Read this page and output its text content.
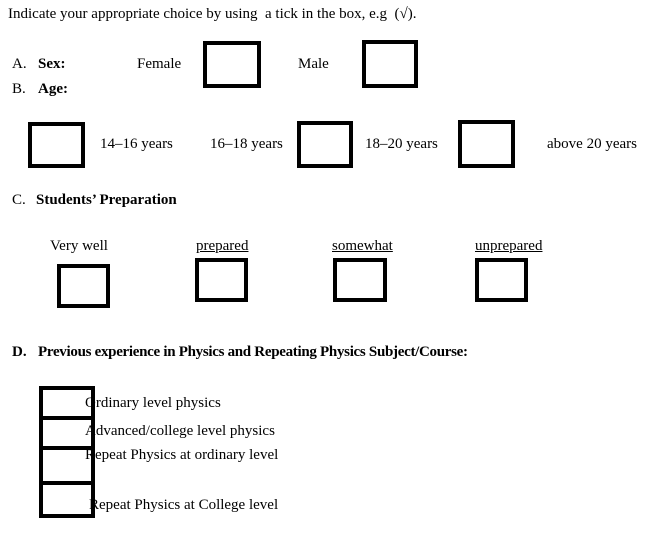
Indicate your appropriate choice by using  a tick in the box, e.g  (√).
A. Sex:	Female	Male
B. Age:
14–16 years 16–18 years	18–20 years	above 20 years
C. Students’ Preparation
Very well	prepared	somewhat	unprepared
D. Previous experience in Physics and Repeating Physics Subject/Course:
Ordinary level physics
Advanced/college level physics
Repeat Physics at ordinary level
Repeat Physics at College level
